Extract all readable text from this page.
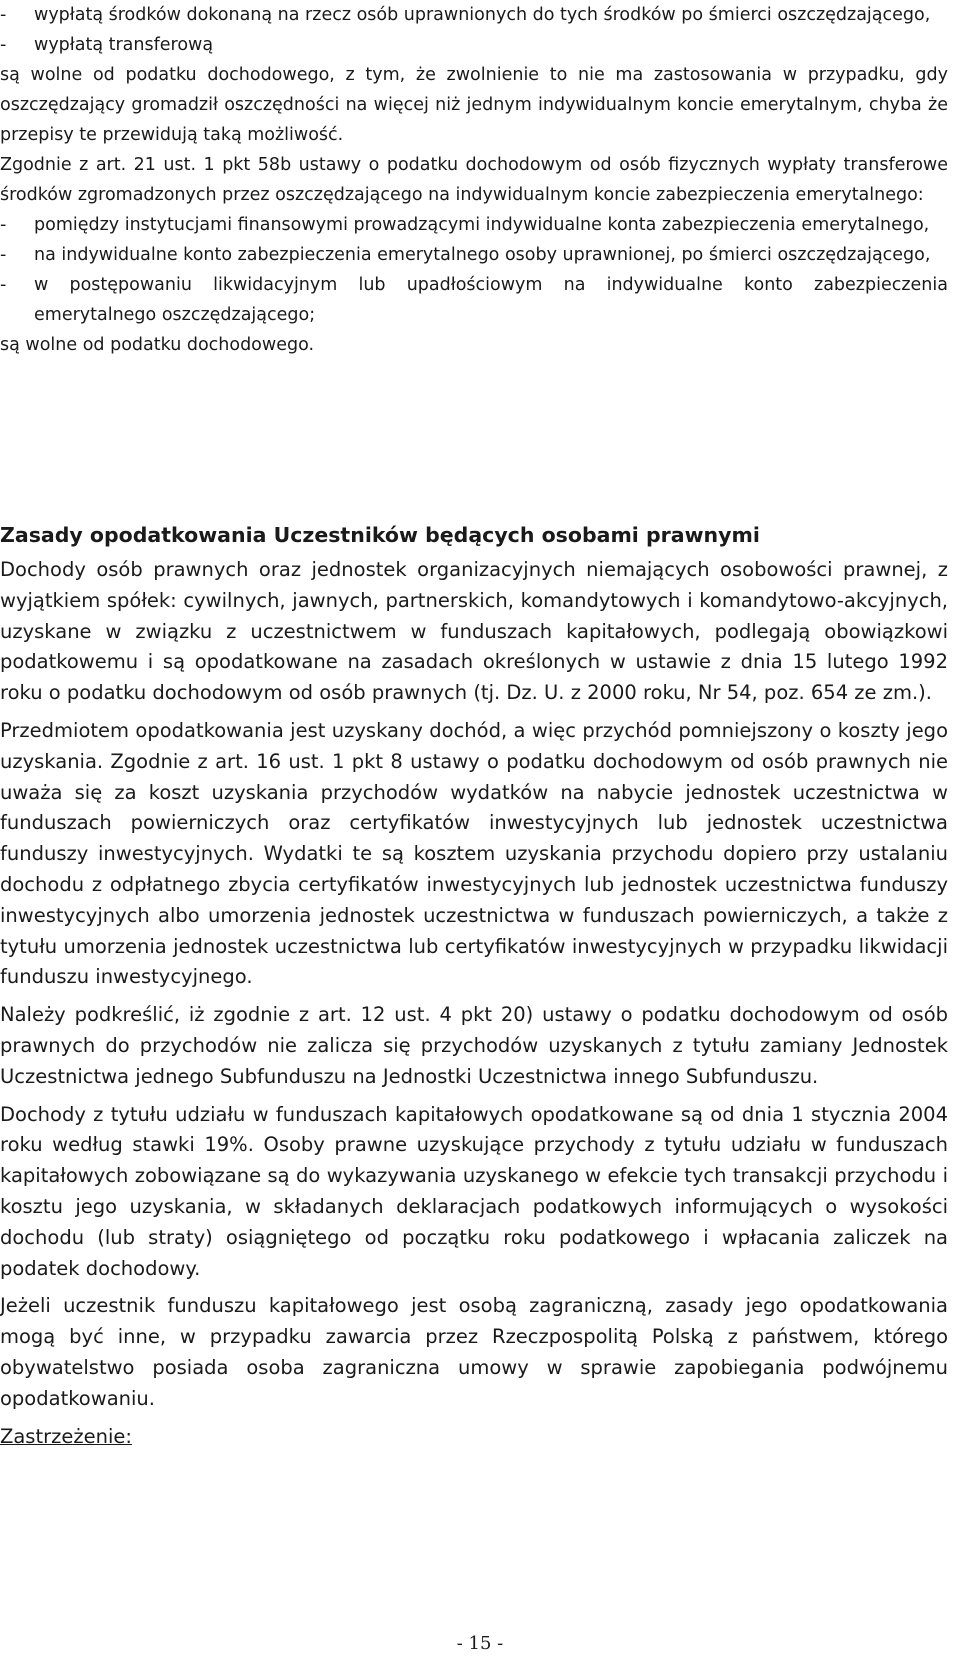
-	wypłatą środków dokonaną na rzecz osób uprawnionych do tych środków po śmierci oszczędzającego,
-	wypłatą transferową

są wolne od podatku dochodowego, z tym, że zwolnienie to nie ma zastosowania w przypadku, gdy oszczędzający gromadził oszczędności na więcej niż jednym indywidualnym koncie emerytalnym, chyba że przepisy te przewidują taką możliwość.

Zgodnie z art. 21 ust. 1 pkt 58b ustawy o podatku dochodowym od osób fizycznych wypłaty transferowe środków zgromadzonych przez oszczędzającego na indywidualnym koncie zabezpieczenia emerytalnego:

-	pomiędzy instytucjami finansowymi prowadzącymi indywidualne konta zabezpieczenia emerytalnego,
-	na indywidualne konto zabezpieczenia emerytalnego osoby uprawnionej, po śmierci oszczędzającego,
-	w postępowaniu likwidacyjnym lub upadłościowym na indywidualne konto zabezpieczenia emerytalnego oszczędzającego;

są wolne od podatku dochodowego.

Zasady opodatkowania Uczestników będących osobami prawnymi

Dochody osób prawnych oraz jednostek organizacyjnych niemających osobowości prawnej, z wyjątkiem spółek: cywilnych, jawnych, partnerskich, komandytowych i komandytowo-akcyjnych, uzyskane w związku z uczestnictwem w funduszach kapitałowych, podlegają obowiązkowi podatkowemu i są opodatkowane na zasadach określonych w ustawie z dnia 15 lutego 1992 roku o podatku dochodowym od osób prawnych (tj. Dz. U. z 2000 roku, Nr 54, poz. 654 ze zm.).

Przedmiotem opodatkowania jest uzyskany dochód, a więc przychód pomniejszony o koszty jego uzyskania. Zgodnie z art. 16 ust. 1 pkt 8 ustawy o podatku dochodowym od osób prawnych nie uważa się za koszt uzyskania przychodów wydatków na nabycie jednostek uczestnictwa w funduszach powierniczych oraz certyfikatów inwestycyjnych lub jednostek uczestnictwa funduszy inwestycyjnych. Wydatki te są kosztem uzyskania przychodu dopiero przy ustalaniu dochodu z odpłatnego zbycia certyfikatów inwestycyjnych lub jednostek uczestnictwa funduszy inwestycyjnych albo umorzenia jednostek uczestnictwa w funduszach powierniczych, a także z tytułu umorzenia jednostek uczestnictwa lub certyfikatów inwestycyjnych w przypadku likwidacji funduszu inwestycyjnego.

Należy podkreślić, iż zgodnie z art. 12 ust. 4 pkt 20) ustawy o podatku dochodowym od osób prawnych do przychodów nie zalicza się przychodów uzyskanych z tytułu zamiany Jednostek Uczestnictwa jednego Subfunduszu na Jednostki Uczestnictwa innego Subfunduszu.

Dochody z tytułu udziału w funduszach kapitałowych opodatkowane są od dnia 1 stycznia 2004 roku według stawki 19%. Osoby prawne uzyskujące przychody z tytułu udziału w funduszach kapitałowych zobowiązane są do wykazywania uzyskanego w efekcie tych transakcji przychodu i kosztu jego uzyskania, w składanych deklaracjach podatkowych informujących o wysokości dochodu (lub straty) osiągniętego od początku roku podatkowego i wpłacania zaliczek na podatek dochodowy.

Jeżeli uczestnik funduszu kapitałowego jest osobą zagraniczną, zasady jego opodatkowania mogą być inne, w przypadku zawarcia przez Rzeczpospolitą Polską z państwem, którego obywatelstwo posiada osoba zagraniczna umowy w sprawie zapobiegania podwójnemu opodatkowaniu.

Zastrzeżenie:

- 15 -
